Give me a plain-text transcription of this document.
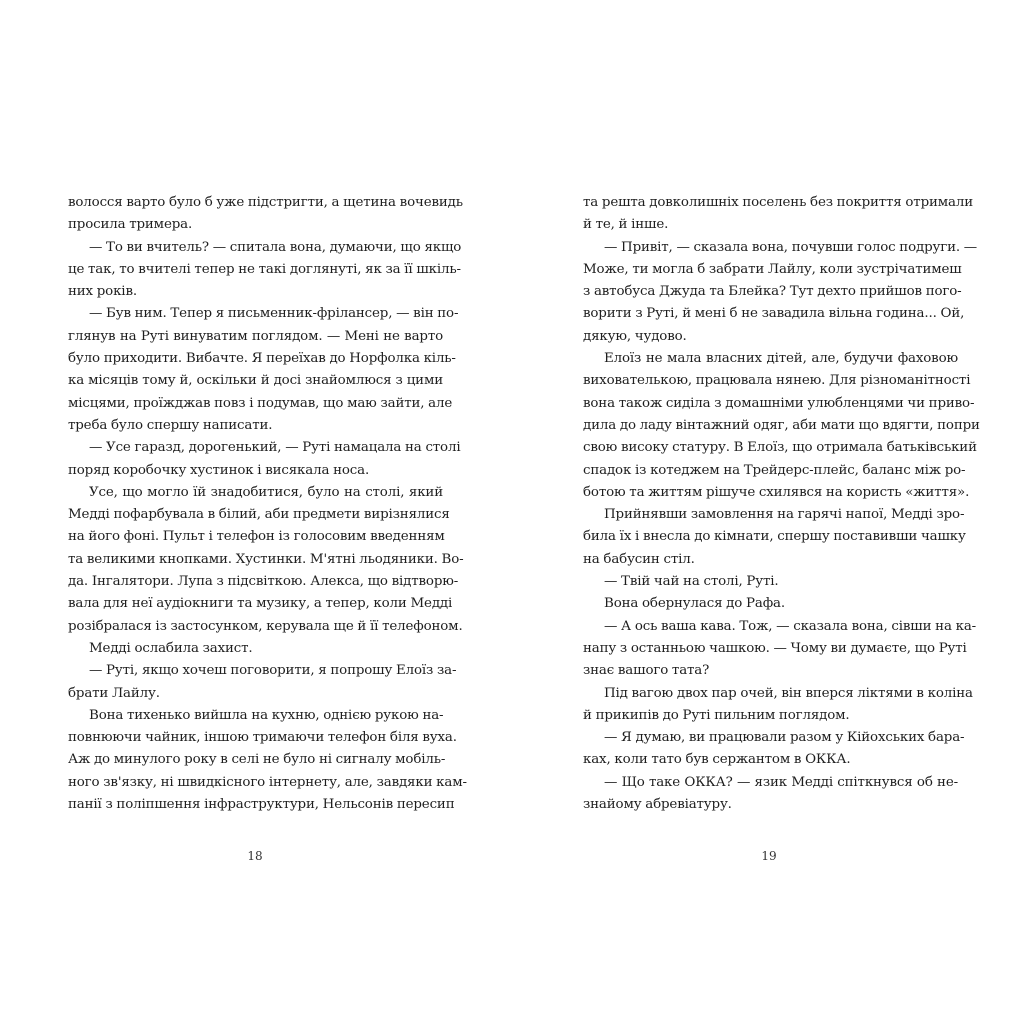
волосся варто було б уже підстригти, а щетина вочевидь
просила тримера.
— То ви вчитель? — спитала вона, думаючи, що якщо
це так, то вчителі тепер не такі доглянуті, як за її шкіль-
них років.
— Був ним. Тепер я письменник-фрілансер, — він по-
глянув на Руті винуватим поглядом. — Мені не варто
було приходити. Вибачте. Я переїхав до Норфолка кіль-
ка місяців тому й, оскільки й досі знайомлюся з цими
місцями, проїжджав повз і подумав, що маю зайти, але
треба було спершу написати.
— Усе гаразд, дорогенький, — Руті намацала на столі
поряд коробочку хустинок і висякала носа.
Усе, що могло їй знадобитися, було на столі, який
Медді пофарбувала в білий, аби предмети вирізнялися
на його фоні. Пульт і телефон із голосовим введенням
та великими кнопками. Хустинки. М'ятні льодяники. Во-
да. Інгалятори. Лупа з підсвіткою. Алекса, що відтворю-
вала для неї аудіокниги та музику, а тепер, коли Медді
розібралася із застосунком, керувала ще й її телефоном.
Медді ослабила захист.
— Руті, якщо хочеш поговорити, я попрошу Елоїз за-
брати Лайлу.
Вона тихенько вийшла на кухню, однією рукою на-
повнюючи чайник, іншою тримаючи телефон біля вуха.
Аж до минулого року в селі не було ні сигналу мобіль-
ного зв'язку, ні швидкісного інтернету, але, завдяки кам-
панії з поліпшення інфраструктури, Нельсонів пересип
18
та решта довколишніх поселень без покриття отримали
й те, й інше.
— Привіт, — сказала вона, почувши голос подруги. —
Може, ти могла б забрати Лайлу, коли зустрічатимеш
з автобуса Джуда та Блейка? Тут дехто прийшов пого-
ворити з Руті, й мені б не завадила вільна година... Ой,
дякую, чудово.
Елоїз не мала власних дітей, але, будучи фаховою
вихователькою, працювала нянею. Для різноманітності
вона також сиділа з домашніми улюбленцями чи приво-
дила до ладу вінтажний одяг, аби мати що вдягти, попри
свою високу статуру. В Елоїз, що отримала батьківський
спадок із котеджем на Трейдерс-плейс, баланс між ро-
ботою та життям рішуче схилявся на користь «життя».
Прийнявши замовлення на гарячі напої, Медді зро-
била їх і внесла до кімнати, спершу поставивши чашку
на бабусин стіл.
— Твій чай на столі, Руті.
Вона обернулася до Рафа.
— А ось ваша кава. Тож, — сказала вона, сівши на ка-
напу з останньою чашкою. — Чому ви думаєте, що Руті
знає вашого тата?
Під вагою двох пар очей, він вперся ліктями в коліна
й прикипів до Руті пильним поглядом.
— Я думаю, ви працювали разом у Кійохських бара-
ках, коли тато був сержантом в ОККА.
— Що таке ОККА? — язик Медді спіткнувся об не-
знайому абревіатуру.
19
